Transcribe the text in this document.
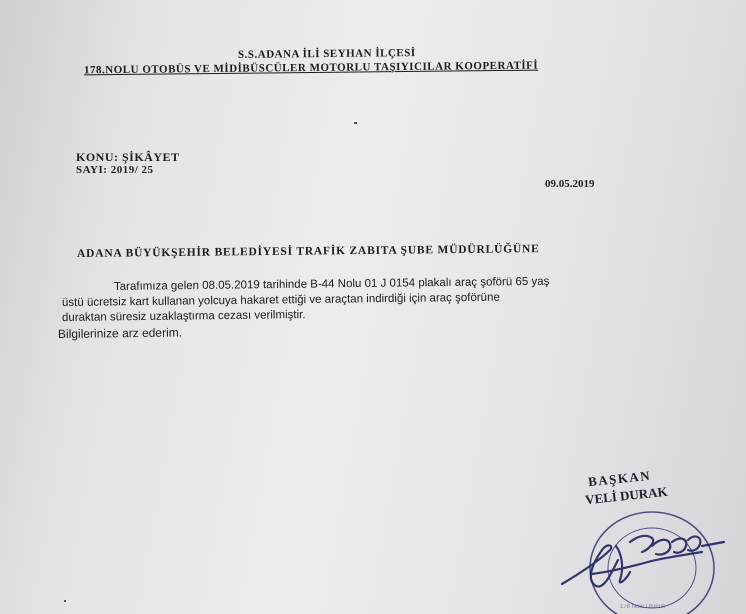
S.S.ADANA İLİ SEYHAN İLÇESİ
178.NOLU OTOBÜS VE MİDİBÜSCÜLER MOTORLU TAŞIYICILAR KOOPERATİFİ
KONU: ŞİKÂYET
SAYI: 2019/ 25
09.05.2019
ADANA BÜYÜKŞEHİR BELEDİYESİ TRAFİK ZABITA ŞUBE MÜDÜRLÜĞÜNE
Tarafımıza gelen 08.05.2019 tarihinde B-44 Nolu 01 J 0154 plakalı araç şoförü 65 yaş
üstü ücretsiz kart kullanan yolcuya hakaret ettiği ve araçtan indirdiği için araç şoförüne
duraktan süresiz uzaklaştırma cezası verilmiştir.
Bilgilerinize arz ederim.
178 Nolu Otobüs
BAŞKAN
VELİ DURAK
